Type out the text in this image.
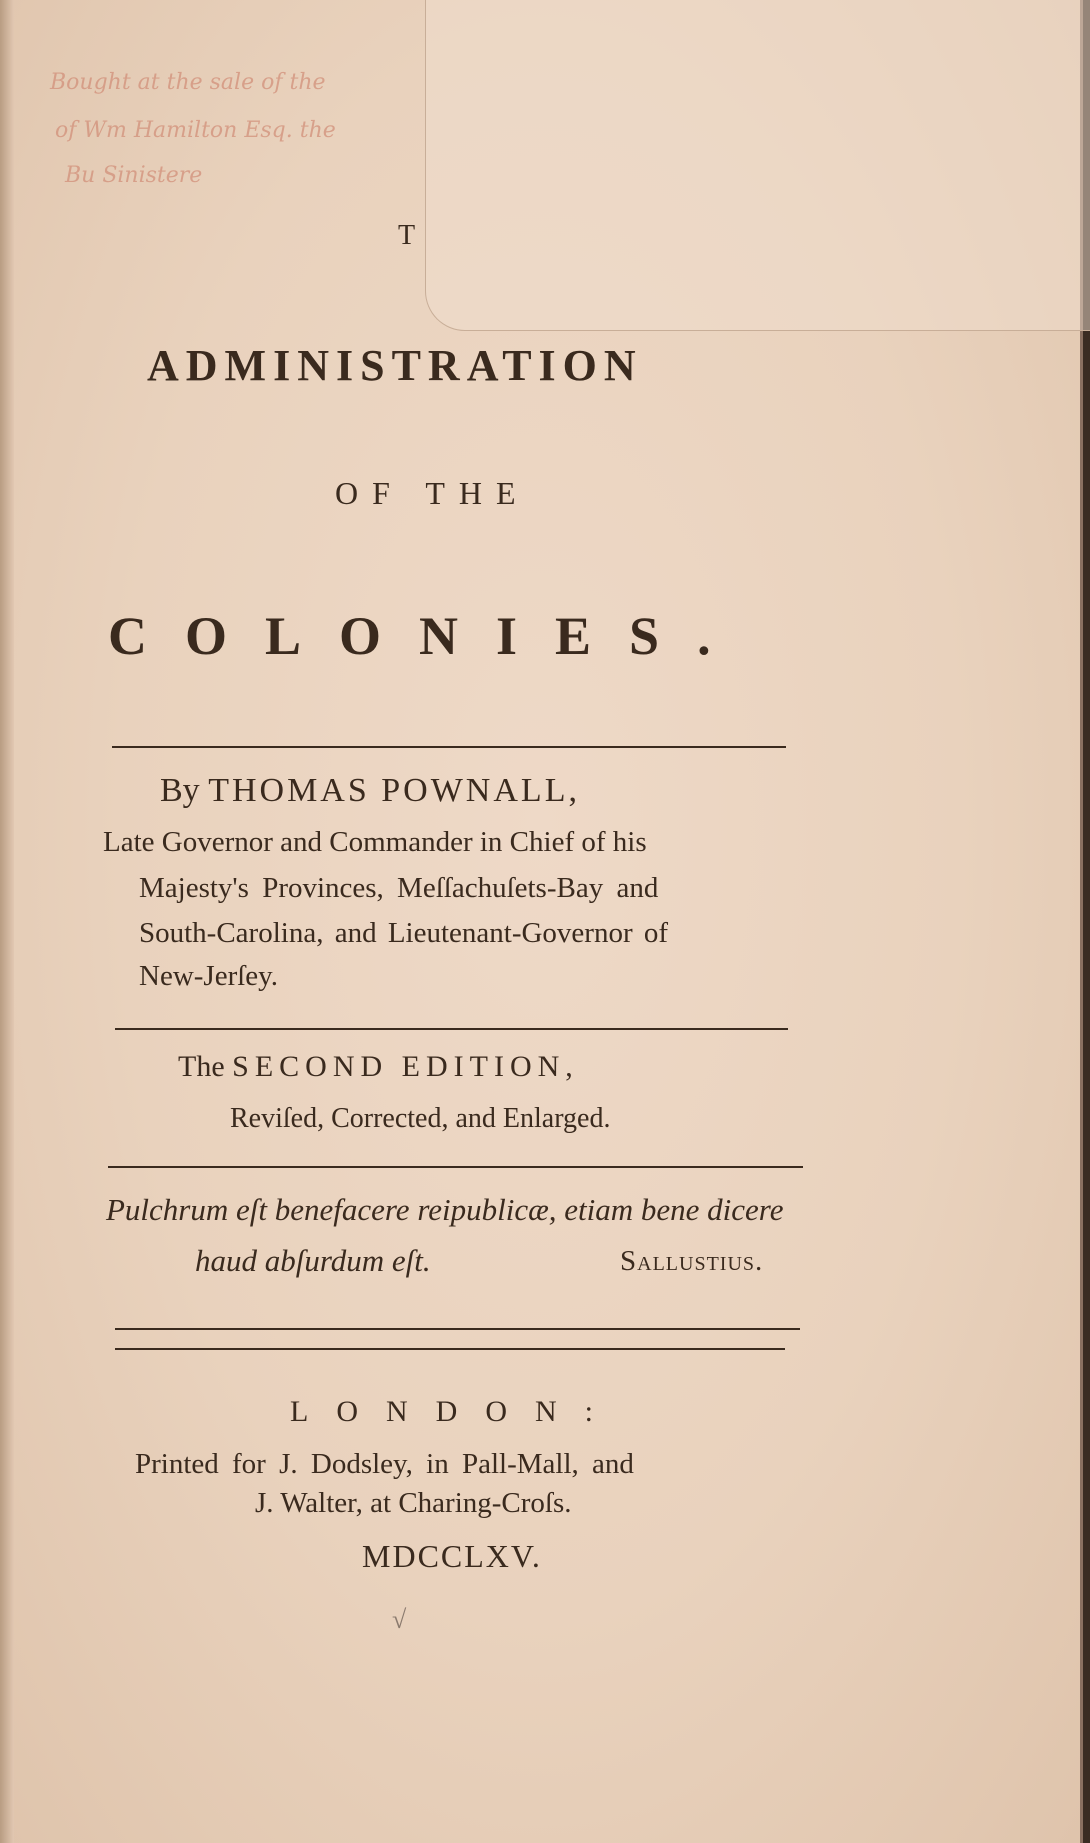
Bought at the sale of the
of Wm Hamilton Esq. the
Bu Sinistere
T
ADMINISTRATION
OF THE
COLONIES.
By THOMAS POWNALL,
Late Governor and Commander in Chief of his
Majesty's Provinces, Meſſachuſets-Bay and
South-Carolina, and Lieutenant-Governor of
New-Jerſey.
The SECOND EDITION,
Reviſed, Corrected, and Enlarged.
Pulchrum eſt benefacere reipublicæ, etiam bene dicere
haud abſurdum eſt.	Sallustius.
LONDON:
Printed for J. Dodsley, in Pall-Mall, and
J. Walter, at Charing-Croſs.
MDCCLXV.
√
